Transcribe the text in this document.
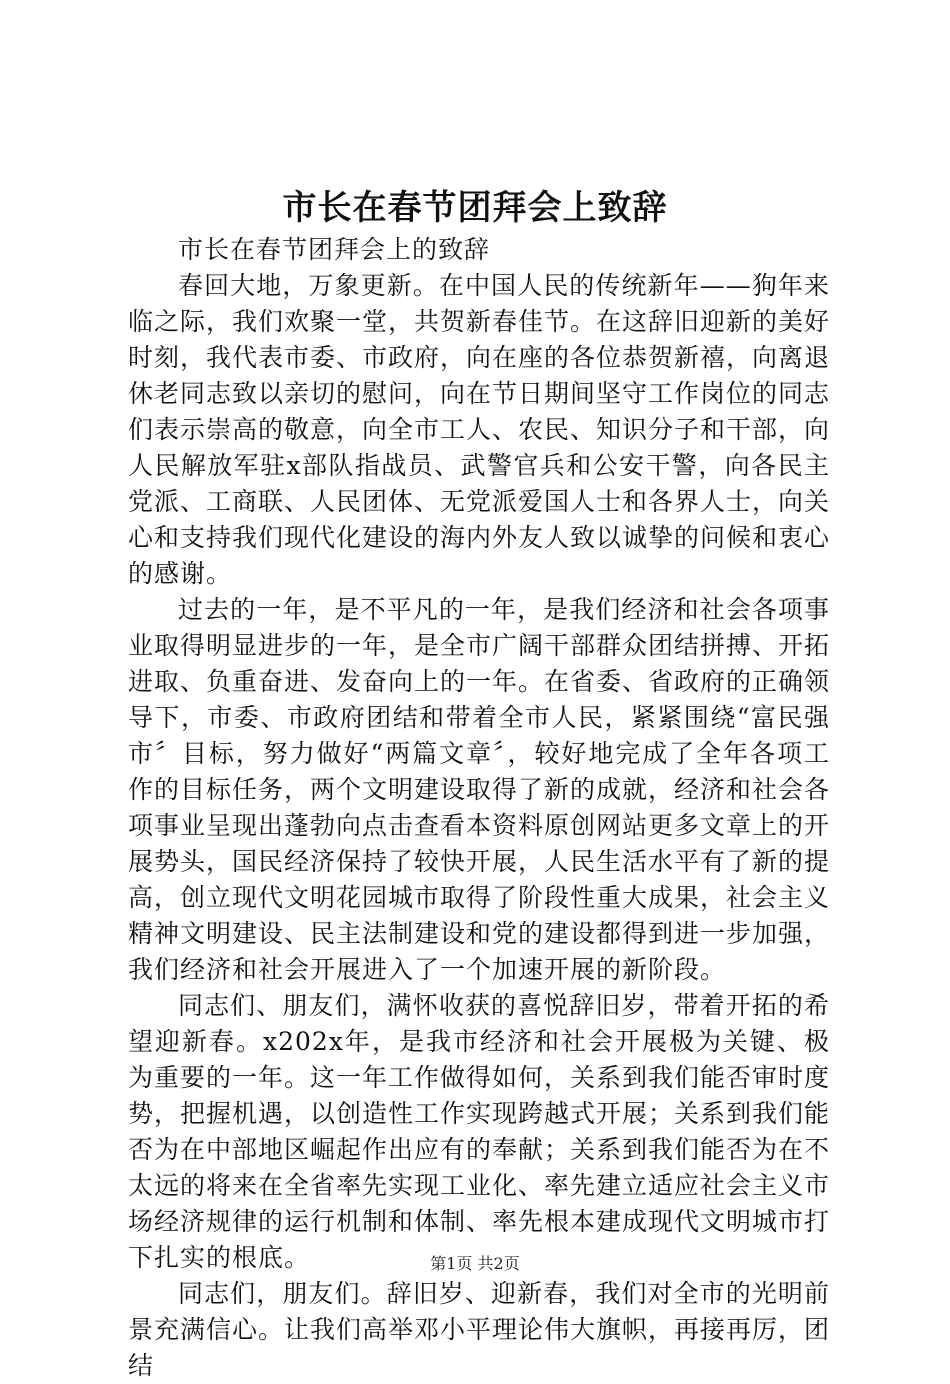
市长在春节团拜会上致辞

市长在春节团拜会上的致辞

春回大地，万象更新。在中国人民的传统新年——狗年来临之际，我们欢聚一堂，共贺新春佳节。在这辞旧迎新的美好时刻，我代表市委、市政府，向在座的各位恭贺新禧，向离退休老同志致以亲切的慰问，向在节日期间坚守工作岗位的同志们表示崇高的敬意，向全市工人、农民、知识分子和干部，向人民解放军驻x部队指战员、武警官兵和公安干警，向各民主党派、工商联、人民团体、无党派爱国人士和各界人士，向关心和支持我们现代化建设的海内外友人致以诚挚的问候和衷心的感谢。

过去的一年，是不平凡的一年，是我们经济和社会各项事业取得明显进步的一年，是全市广阔干部群众团结拼搏、开拓进取、负重奋进、发奋向上的一年。在省委、省政府的正确领导下，市委、市政府团结和带着全市人民，紧紧围绕“富民强市〞目标，努力做好“两篇文章〞，较好地完成了全年各项工作的目标任务，两个文明建设取得了新的成就，经济和社会各项事业呈现出蓬勃向点击查看本资料原创网站更多文章上的开展势头，国民经济保持了较快开展，人民生活水平有了新的提高，创立现代文明花园城市取得了阶段性重大成果，社会主义精神文明建设、民主法制建设和党的建设都得到进一步加强，我们经济和社会开展进入了一个加速开展的新阶段。

同志们、朋友们，满怀收获的喜悦辞旧岁，带着开拓的希望迎新春。x202x年，是我市经济和社会开展极为关键、极为重要的一年。这一年工作做得如何，关系到我们能否审时度势，把握机遇，以创造性工作实现跨越式开展；关系到我们能否为在中部地区崛起作出应有的奉献；关系到我们能否为在不太远的将来在全省率先实现工业化、率先建立适应社会主义市场经济规律的运行机制和体制、率先根本建成现代文明城市打下扎实的根底。

同志们，朋友们。辞旧岁、迎新春，我们对全市的光明前景充满信心。让我们高举邓小平理论伟大旗帜，再接再厉，团结

第1页 共2页
